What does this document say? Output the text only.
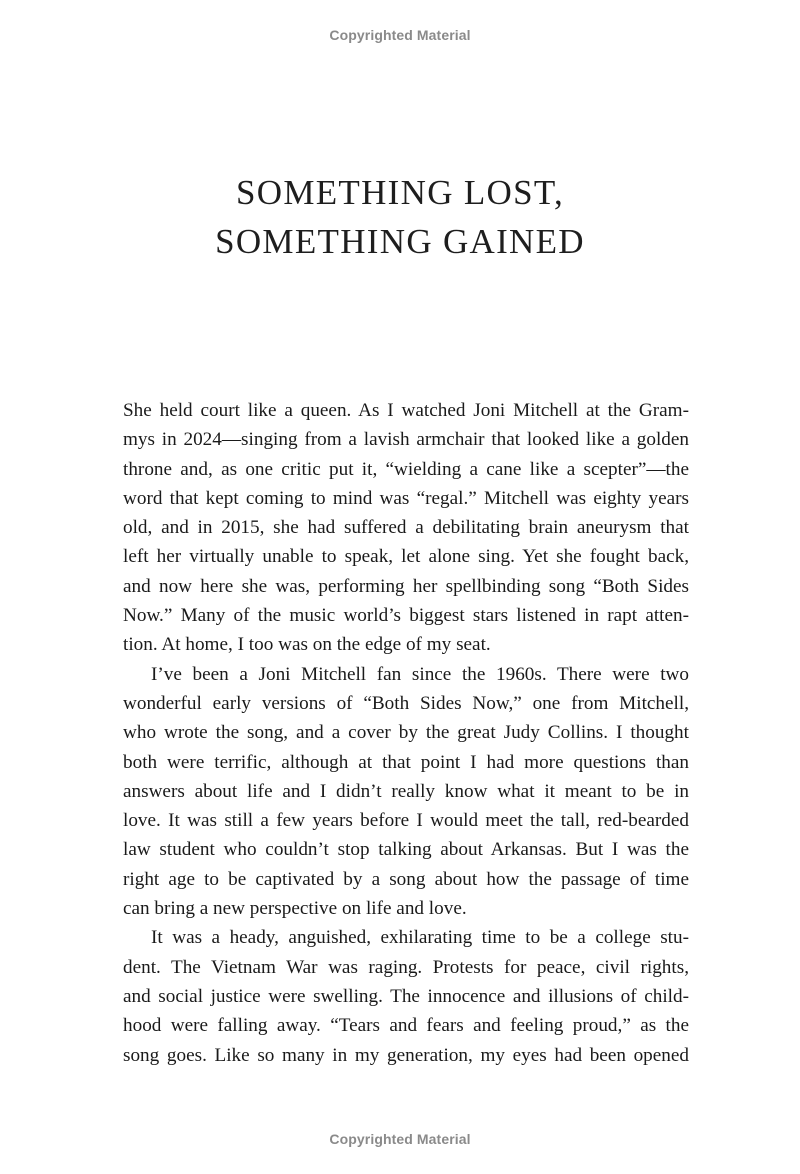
Copyrighted Material
SOMETHING LOST,
SOMETHING GAINED

She held court like a queen. As I watched Joni Mitchell at the Gram-
mys in 2024—singing from a lavish armchair that looked like a golden
throne and, as one critic put it, “wielding a cane like a scepter”—the
word that kept coming to mind was “regal.” Mitchell was eighty years
old, and in 2015, she had suffered a debilitating brain aneurysm that
left her virtually unable to speak, let alone sing. Yet she fought back,
and now here she was, performing her spellbinding song “Both Sides
Now.” Many of the music world’s biggest stars listened in rapt atten-
tion. At home, I too was on the edge of my seat.

I’ve been a Joni Mitchell fan since the 1960s. There were two
wonderful early versions of “Both Sides Now,” one from Mitchell,
who wrote the song, and a cover by the great Judy Collins. I thought
both were terrific, although at that point I had more questions than
answers about life and I didn’t really know what it meant to be in
love. It was still a few years before I would meet the tall, red-bearded
law student who couldn’t stop talking about Arkansas. But I was the
right age to be captivated by a song about how the passage of time
can bring a new perspective on life and love.

It was a heady, anguished, exhilarating time to be a college stu-
dent. The Vietnam War was raging. Protests for peace, civil rights,
and social justice were swelling. The innocence and illusions of child-
hood were falling away. “Tears and fears and feeling proud,” as the
song goes. Like so many in my generation, my eyes had been opened

Copyrighted Material
